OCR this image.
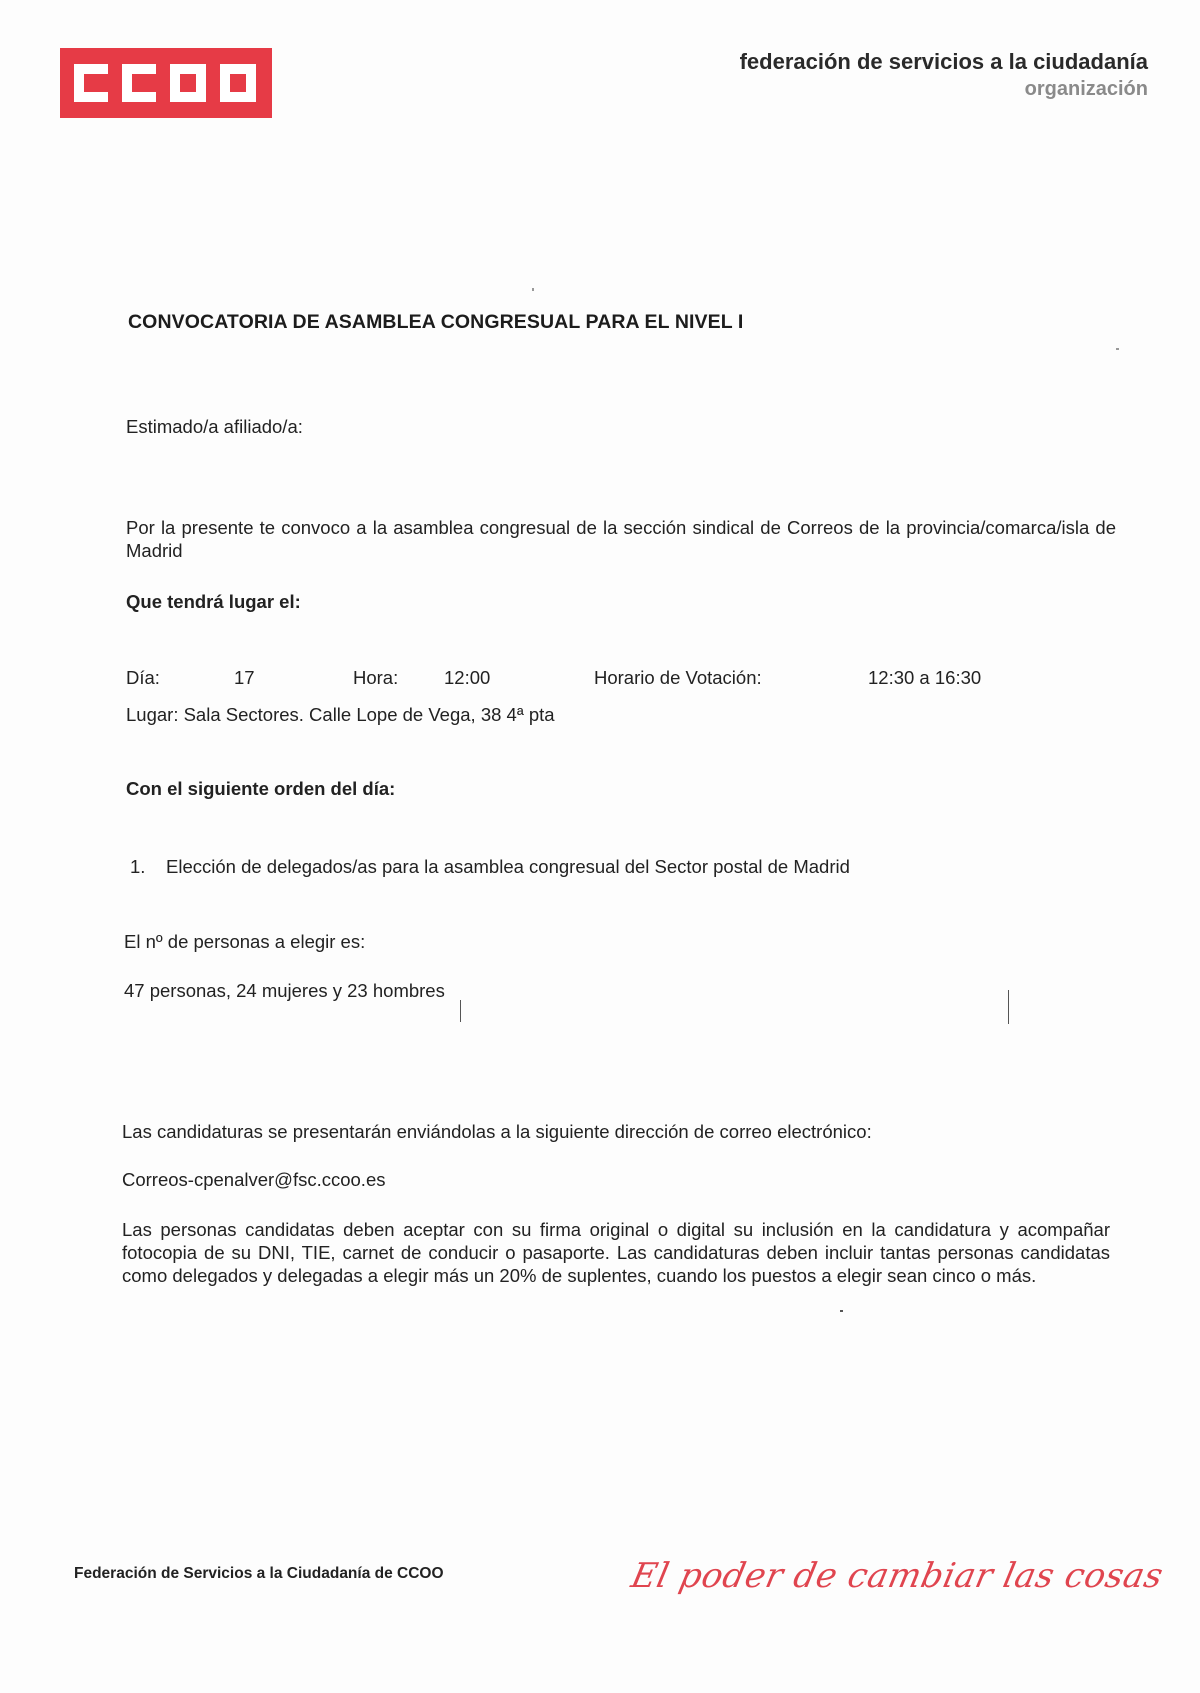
federación de servicios a la ciudadanía
organización
CONVOCATORIA DE ASAMBLEA CONGRESUAL PARA EL NIVEL I
Estimado/a afiliado/a:
Por la presente te convoco a la asamblea congresual de la sección sindical de Correos de la provincia/comarca/isla de Madrid
Que tendrá lugar el:
Día:	17	Hora: 12:00	Horario de Votación:	12:30 a 16:30
Lugar: Sala Sectores. Calle Lope de Vega, 38 4ª pta
Con el siguiente orden del día:
1. Elección de delegados/as para la asamblea congresual del Sector postal de Madrid
El nº de personas a elegir es:
47 personas, 24 mujeres y 23 hombres
Las candidaturas se presentarán enviándolas a la siguiente dirección de correo electrónico:
Correos-cpenalver@fsc.ccoo.es
Las personas candidatas deben aceptar con su firma original o digital su inclusión en la candidatura y acompañar fotocopia de su DNI, TIE, carnet de conducir o pasaporte. Las candidaturas deben incluir tantas personas candidatas como delegados y delegadas a elegir más un 20% de suplentes, cuando los puestos a elegir sean cinco o más.
Federación de Servicios a la Ciudadanía de CCOO	El poder de cambiar las cosas
